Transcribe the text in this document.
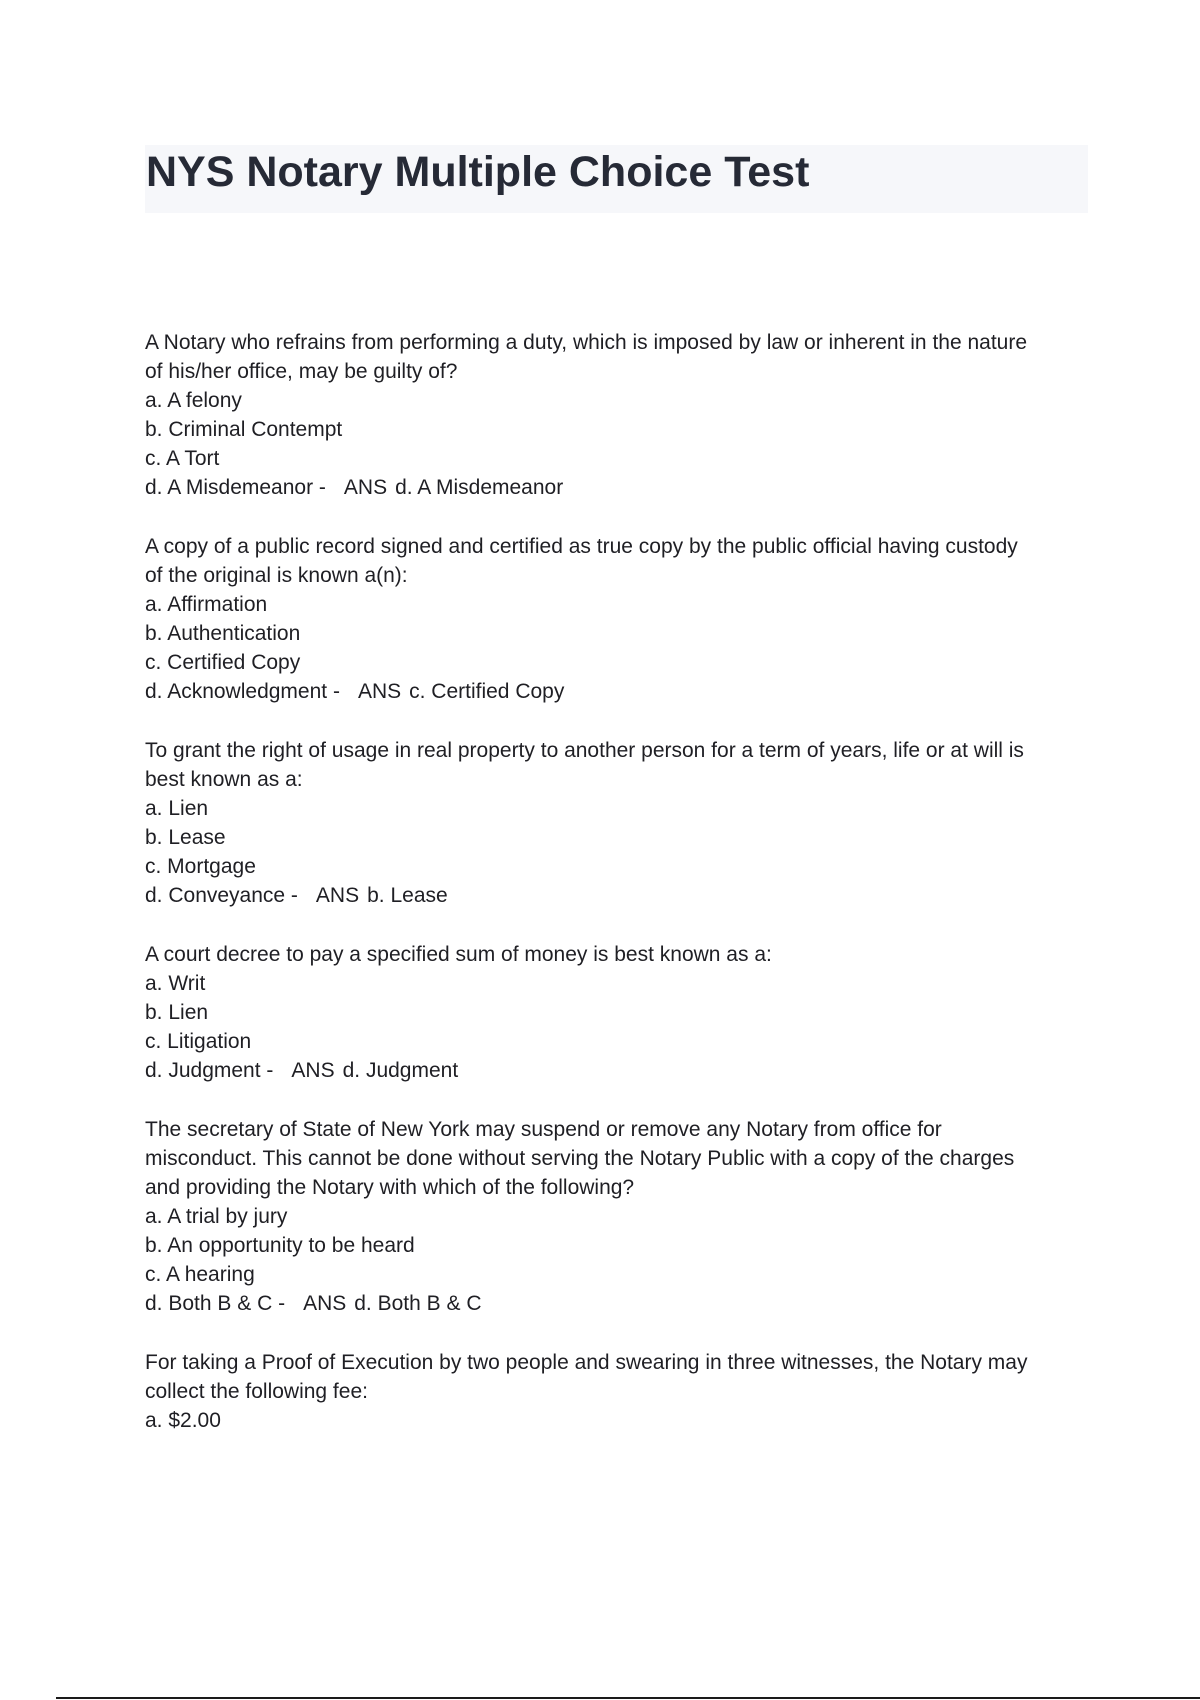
NYS Notary Multiple Choice Test
A Notary who refrains from performing a duty, which is imposed by law or inherent in the nature
of his/her office, may be guilty of?
a. A felony
b. Criminal Contempt
c. A Tort
d. A Misdemeanor - ANS d. A Misdemeanor
A copy of a public record signed and certified as true copy by the public official having custody
of the original is known a(n):
a. Affirmation
b. Authentication
c. Certified Copy
d. Acknowledgment - ANS c. Certified Copy
To grant the right of usage in real property to another person for a term of years, life or at will is
best known as a:
a. Lien
b. Lease
c. Mortgage
d. Conveyance - ANS b. Lease
A court decree to pay a specified sum of money is best known as a:
a. Writ
b. Lien
c. Litigation
d. Judgment - ANS d. Judgment
The secretary of State of New York may suspend or remove any Notary from office for
misconduct. This cannot be done without serving the Notary Public with a copy of the charges
and providing the Notary with which of the following?
a. A trial by jury
b. An opportunity to be heard
c. A hearing
d. Both B & C - ANS d. Both B & C
For taking a Proof of Execution by two people and swearing in three witnesses, the Notary may
collect the following fee:
a. $2.00
